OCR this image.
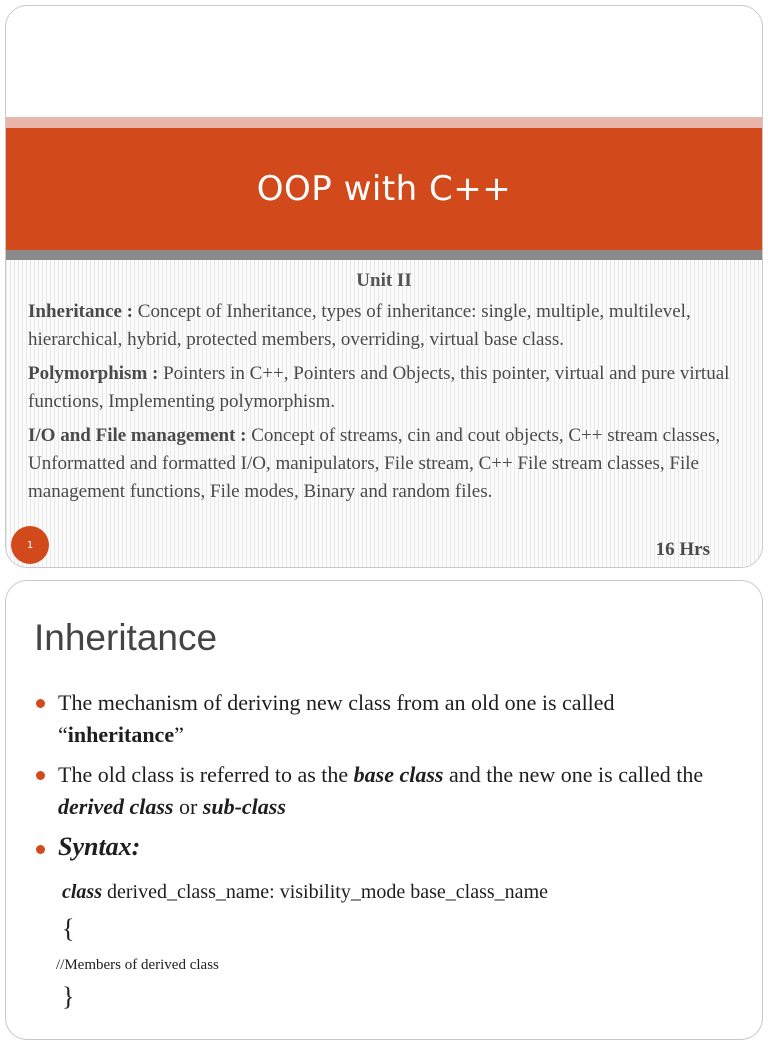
OOP with C++
Unit II

Inheritance : Concept of Inheritance, types of inheritance: single, multiple, multilevel, hierarchical, hybrid, protected members, overriding, virtual base class.

Polymorphism : Pointers in C++, Pointers and Objects, this pointer, virtual and pure virtual functions, Implementing polymorphism.

I/O and File management : Concept of streams, cin and cout objects, C++ stream classes, Unformatted and formatted I/O, manipulators, File stream, C++ File stream classes, File management functions, File modes, Binary and random files.

16 Hrs
1
Inheritance
The mechanism of deriving new class from an old one is called “inheritance”
The old class is referred to as the base class and the new one is called the derived class or sub-class
Syntax:
class derived_class_name: visibility_mode base_class_name
{
//Members of derived class
}
